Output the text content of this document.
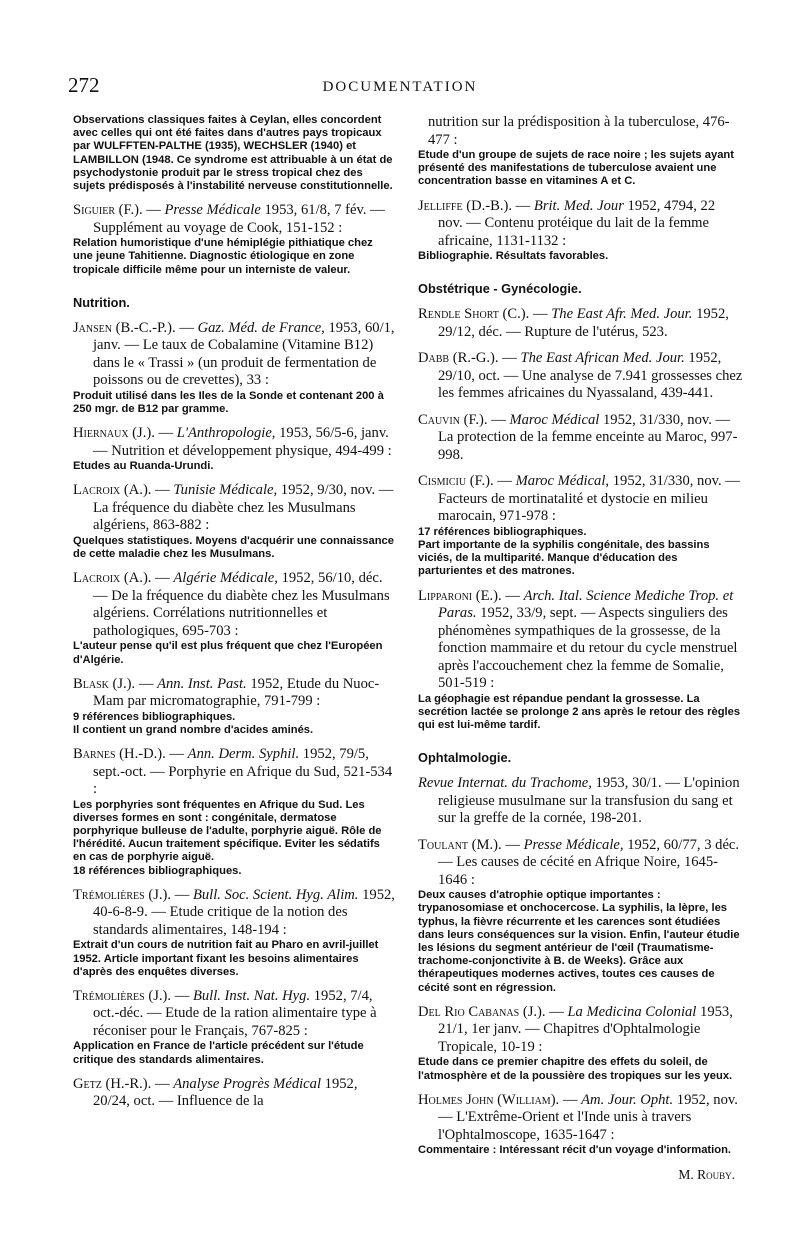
272	DOCUMENTATION

Observations classiques faites à Ceylan, elles concordent avec celles qui ont été faites dans d'autres pays tropicaux par WULFFTEN-PALTHE (1935), WECHSLER (1940) et LAMBILLON (1948. Ce syndrome est attribuable à un état de psychodystonie produit par le stress tropical chez des sujets prédisposés à l'instabilité nerveuse constitutionnelle.

Siguier (F.). — Presse Médicale 1953, 61/8, 7 fév. — Supplément au voyage de Cook, 151-152 :

Relation humoristique d'une hémiplégie pithiatique chez une jeune Tahitienne. Diagnostic étiologique en zone tropicale difficile même pour un interniste de valeur.

Nutrition.

Jansen (B.-C.-P.). — Gaz. Méd. de France, 1953, 60/1, janv. — Le taux de Cobalamine (Vitamine B12) dans le « Trassi » (un produit de fermentation de poissons ou de crevettes), 33 :

Produit utilisé dans les Iles de la Sonde et contenant 200 à 250 mgr. de B12 par gramme.

Hiernaux (J.). — L'Anthropologie, 1953, 56/5-6, janv. — Nutrition et développement physique, 494-499 :

Etudes au Ruanda-Urundi.

Lacroix (A.). — Tunisie Médicale, 1952, 9/30, nov. — La fréquence du diabète chez les Musulmans algériens, 863-882 :

Quelques statistiques. Moyens d'acquérir une connaissance de cette maladie chez les Musulmans.

Lacroix (A.). — Algérie Médicale, 1952, 56/10, déc. — De la fréquence du diabète chez les Musulmans algériens. Corrélations nutritionnelles et pathologiques, 695-703 :

L'auteur pense qu'il est plus fréquent que chez l'Européen d'Algérie.

Blask (J.). — Ann. Inst. Past. 1952, Etude du Nuoc-Mam par micromatographie, 791-799 :

9 références bibliographiques.

Il contient un grand nombre d'acides aminés.

Barnes (H.-D.). — Ann. Derm. Syphil. 1952, 79/5, sept.-oct. — Porphyrie en Afrique du Sud, 521-534 :

Les porphyries sont fréquentes en Afrique du Sud. Les diverses formes en sont : congénitale, dermatose porphyrique bulleuse de l'adulte, porphyrie aiguë. Rôle de l'hérédité. Aucun traitement spécifique. Eviter les sédatifs en cas de porphyrie aiguë.

18 références bibliographiques.

Trémolières (J.). — Bull. Soc. Scient. Hyg. Alim. 1952, 40-6-8-9. — Etude critique de la notion des standards alimentaires, 148-194 :

Extrait d'un cours de nutrition fait au Pharo en avril-juillet 1952. Article important fixant les besoins alimentaires d'après des enquêtes diverses.

Trémolières (J.). — Bull. Inst. Nat. Hyg. 1952, 7/4, oct.-déc. — Etude de la ration alimentaire type à réconiser pour le Français, 767-825 :

Application en France de l'article précédent sur l'étude critique des standards alimentaires.

Getz (H.-R.). — Analyse Progrès Médical 1952, 20/24, oct. — Influence de la

nutrition sur la prédisposition à la tuberculose, 476-477 :

Etude d'un groupe de sujets de race noire ; les sujets ayant présenté des manifestations de tuberculose avaient une concentration basse en vitamines A et C.

Jelliffe (D.-B.). — Brit. Med. Jour 1952, 4794, 22 nov. — Contenu protéique du lait de la femme africaine, 1131-1132 :

Bibliographie. Résultats favorables.

Obstétrique - Gynécologie.

Rendle Short (C.). — The East Afr. Med. Jour. 1952, 29/12, déc. — Rupture de l'utérus, 523.

Dabb (R.-G.). — The East African Med. Jour. 1952, 29/10, oct. — Une analyse de 7.941 grossesses chez les femmes africaines du Nyassaland, 439-441.

Cauvin (F.). — Maroc Médical 1952, 31/330, nov. — La protection de la femme enceinte au Maroc, 997-998.

Cismiciu (F.). — Maroc Médical, 1952, 31/330, nov. — Facteurs de mortinatalité et dystocie en milieu marocain, 971-978 :

17 références bibliographiques.

Part importante de la syphilis congénitale, des bassins viciés, de la multiparité. Manque d'éducation des parturientes et des matrones.

Lipparoni (E.). — Arch. Ital. Science Mediche Trop. et Paras. 1952, 33/9, sept. — Aspects singuliers des phénomènes sympathiques de la grossesse, de la fonction mammaire et du retour du cycle menstruel après l'accouchement chez la femme de Somalie, 501-519 :

La géophagie est répandue pendant la grossesse. La secrétion lactée se prolonge 2 ans après le retour des règles qui est lui-même tardif.

Ophtalmologie.

Revue Internat. du Trachome, 1953, 30/1. — L'opinion religieuse musulmane sur la transfusion du sang et sur la greffe de la cornée, 198-201.

Toulant (M.). — Presse Médicale, 1952, 60/77, 3 déc. — Les causes de cécité en Afrique Noire, 1645-1646 :

Deux causes d'atrophie optique importantes : trypanosomiase et onchocercose. La syphilis, la lèpre, les typhus, la fièvre récurrente et les carences sont étudiées dans leurs conséquences sur la vision. Enfin, l'auteur étudie les lésions du segment antérieur de l'œil (Traumatisme-trachome-conjonctivite à B. de Weeks). Grâce aux thérapeutiques modernes actives, toutes ces causes de cécité sont en régression.

Del Rio Cabanas (J.). — La Medicina Colonial 1953, 21/1, 1er janv. — Chapitres d'Ophtalmologie Tropicale, 10-19 :

Etude dans ce premier chapitre des effets du soleil, de l'atmosphère et de la poussière des tropiques sur les yeux.

Holmes John (William). — Am. Jour. Opht. 1952, nov. — L'Extrême-Orient et l'Inde unis à travers l'Ophtalmoscope, 1635-1647 :

Commentaire : Intéressant récit d'un voyage d'information.

M. Rouby.
